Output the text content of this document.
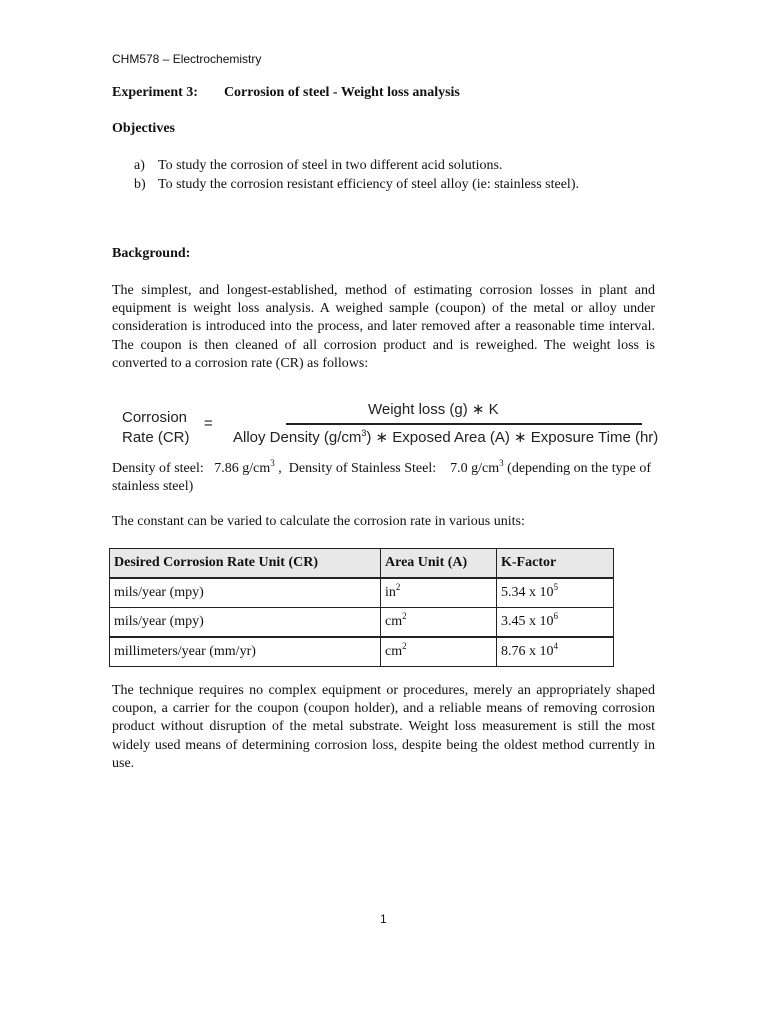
CHM578 – Electrochemistry
Experiment 3: Corrosion of steel - Weight loss analysis
Objectives
a) To study the corrosion of steel in two different acid solutions.
b) To study the corrosion resistant efficiency of steel alloy (ie: stainless steel).
Background:
The simplest, and longest-established, method of estimating corrosion losses in plant and equipment is weight loss analysis. A weighed sample (coupon) of the metal or alloy under consideration is introduced into the process, and later removed after a reasonable time interval. The coupon is then cleaned of all corrosion product and is reweighed. The weight loss is converted to a corrosion rate (CR) as follows:
Corrosion
Rate (CR)
=
Weight loss (g) ∗ K
Alloy Density $(g/cm^3)$ ∗ Exposed Area (A) ∗ Exposure Time (hr)
Density of steel: 7.86 $g/cm^3$ , Density of Stainless Steel: 7.0 $g/cm^3$ (depending on the type of stainless steel)
The constant can be varied to calculate the corrosion rate in various units:
Desired Corrosion Rate Unit (CR)	Area Unit (A)	K-Factor
mils/year (mpy)	$in^2$	5.34 x $10^5$
mils/year (mpy)	$cm^2$	3.45 x $10^6$
millimeters/year (mm/yr)	$cm^2$	8.76 x $10^4$
The technique requires no complex equipment or procedures, merely an appropriately shaped coupon, a carrier for the coupon (coupon holder), and a reliable means of removing corrosion product without disruption of the metal substrate. Weight loss measurement is still the most widely used means of determining corrosion loss, despite being the oldest method currently in use.
1
